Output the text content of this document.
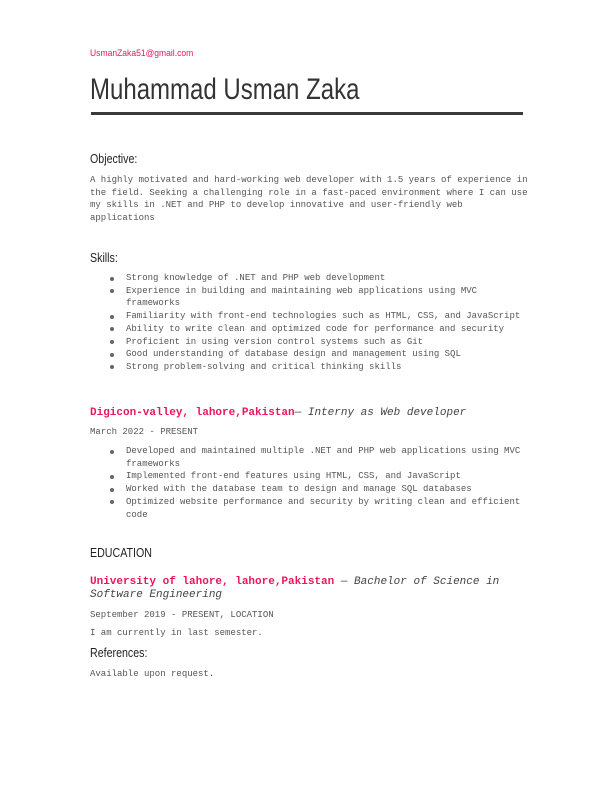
UsmanZaka51@gmail.com
Muhammad Usman Zaka
Objective:
A highly motivated and hard-working web developer with 1.5 years of experience in the field. Seeking a challenging role in a fast-paced environment where I can use my skills in .NET and PHP to develop innovative and user-friendly web applications
Skills:
Strong knowledge of .NET and PHP web development
Experience in building and maintaining web applications using MVC frameworks
Familiarity with front-end technologies such as HTML, CSS, and JavaScript
Ability to write clean and optimized code for performance and security
Proficient in using version control systems such as Git
Good understanding of database design and management using SQL
Strong problem-solving and critical thinking skills
Digicon-valley, lahore,Pakistan— Interny as Web developer
March 2022 - PRESENT
Developed and maintained multiple .NET and PHP web applications using MVC frameworks
Implemented front-end features using HTML, CSS, and JavaScript
Worked with the database team to design and manage SQL databases
Optimized website performance and security by writing clean and efficient code
EDUCATION
University of lahore, lahore,Pakistan — Bachelor of Science in Software Engineering
September 2019 - PRESENT, LOCATION
I am currently in last semester.
References:
Available upon request.
